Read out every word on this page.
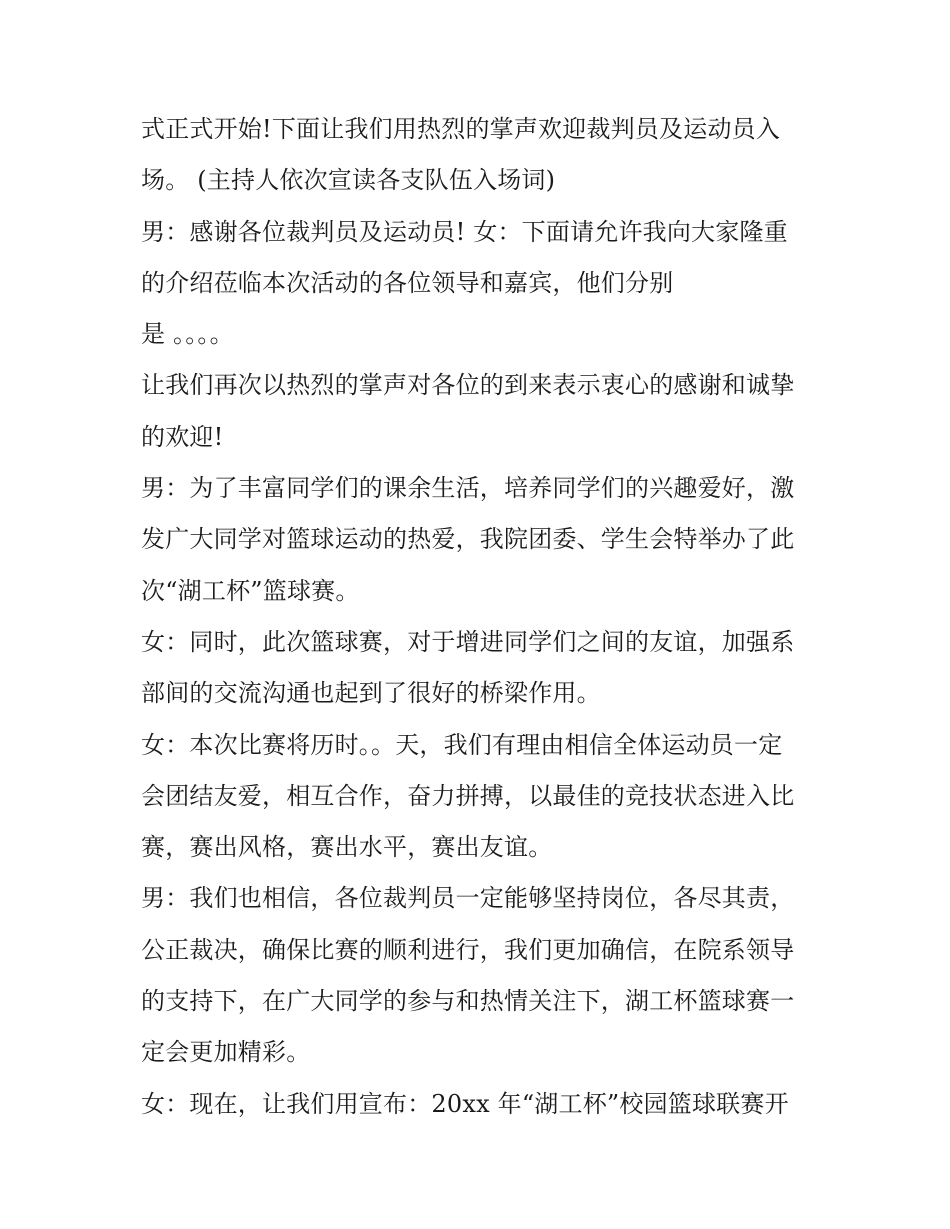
式正式开始!下面让我们用热烈的掌声欢迎裁判员及运动员入
场。 (主持人依次宣读各支队伍入场词)
男：感谢各位裁判员及运动员! 女：下面请允许我向大家隆重
的介绍莅临本次活动的各位领导和嘉宾，他们分别
是 。。。。
让我们再次以热烈的掌声对各位的到来表示衷心的感谢和诚挚
的欢迎!
男：为了丰富同学们的课余生活，培养同学们的兴趣爱好，激
发广大同学对篮球运动的热爱，我院团委、学生会特举办了此
次“湖工杯”篮球赛。
女：同时，此次篮球赛，对于增进同学们之间的友谊，加强系
部间的交流沟通也起到了很好的桥梁作用。
女：本次比赛将历时。。天，我们有理由相信全体运动员一定
会团结友爱，相互合作，奋力拼搏，以最佳的竞技状态进入比
赛，赛出风格，赛出水平，赛出友谊。
男：我们也相信，各位裁判员一定能够坚持岗位，各尽其责，
公正裁决，确保比赛的顺利进行，我们更加确信，在院系领导
的支持下，在广大同学的参与和热情关注下，湖工杯篮球赛一
定会更加精彩。
女：现在，让我们用宣布：20xx 年“湖工杯”校园篮球联赛开
